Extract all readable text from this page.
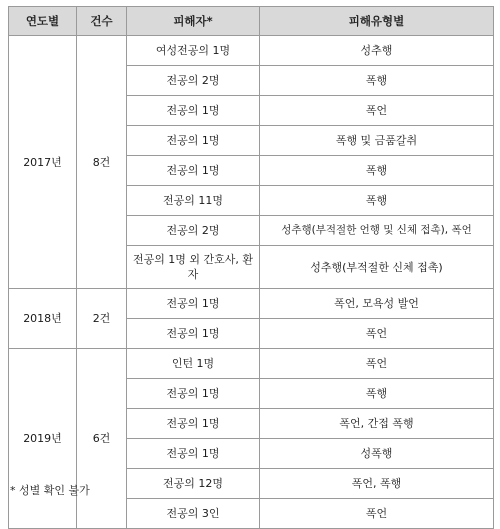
연도별	건수	피해자*	피해유형별
2017년	8건	여성전공의 1명	성추행
		전공의 2명	폭행
		전공의 1명	폭언
		전공의 1명	폭행 및 금품갈취
		전공의 1명	폭행
		전공의 11명	폭행
		전공의 2명	성추행(부적절한 언행 및 신체 접촉), 폭언
		전공의 1명 외 간호사, 환자	성추행(부적절한 신체 접촉)
2018년	2건	전공의 1명	폭언, 모욕성 발언
		전공의 1명	폭언
2019년	6건	인턴 1명	폭언
		전공의 1명	폭행
		전공의 1명	폭언, 간접 폭행
		전공의 1명	성폭행
		전공의 12명	폭언, 폭행
		전공의 3인	폭언
* 성별 확인 불가
